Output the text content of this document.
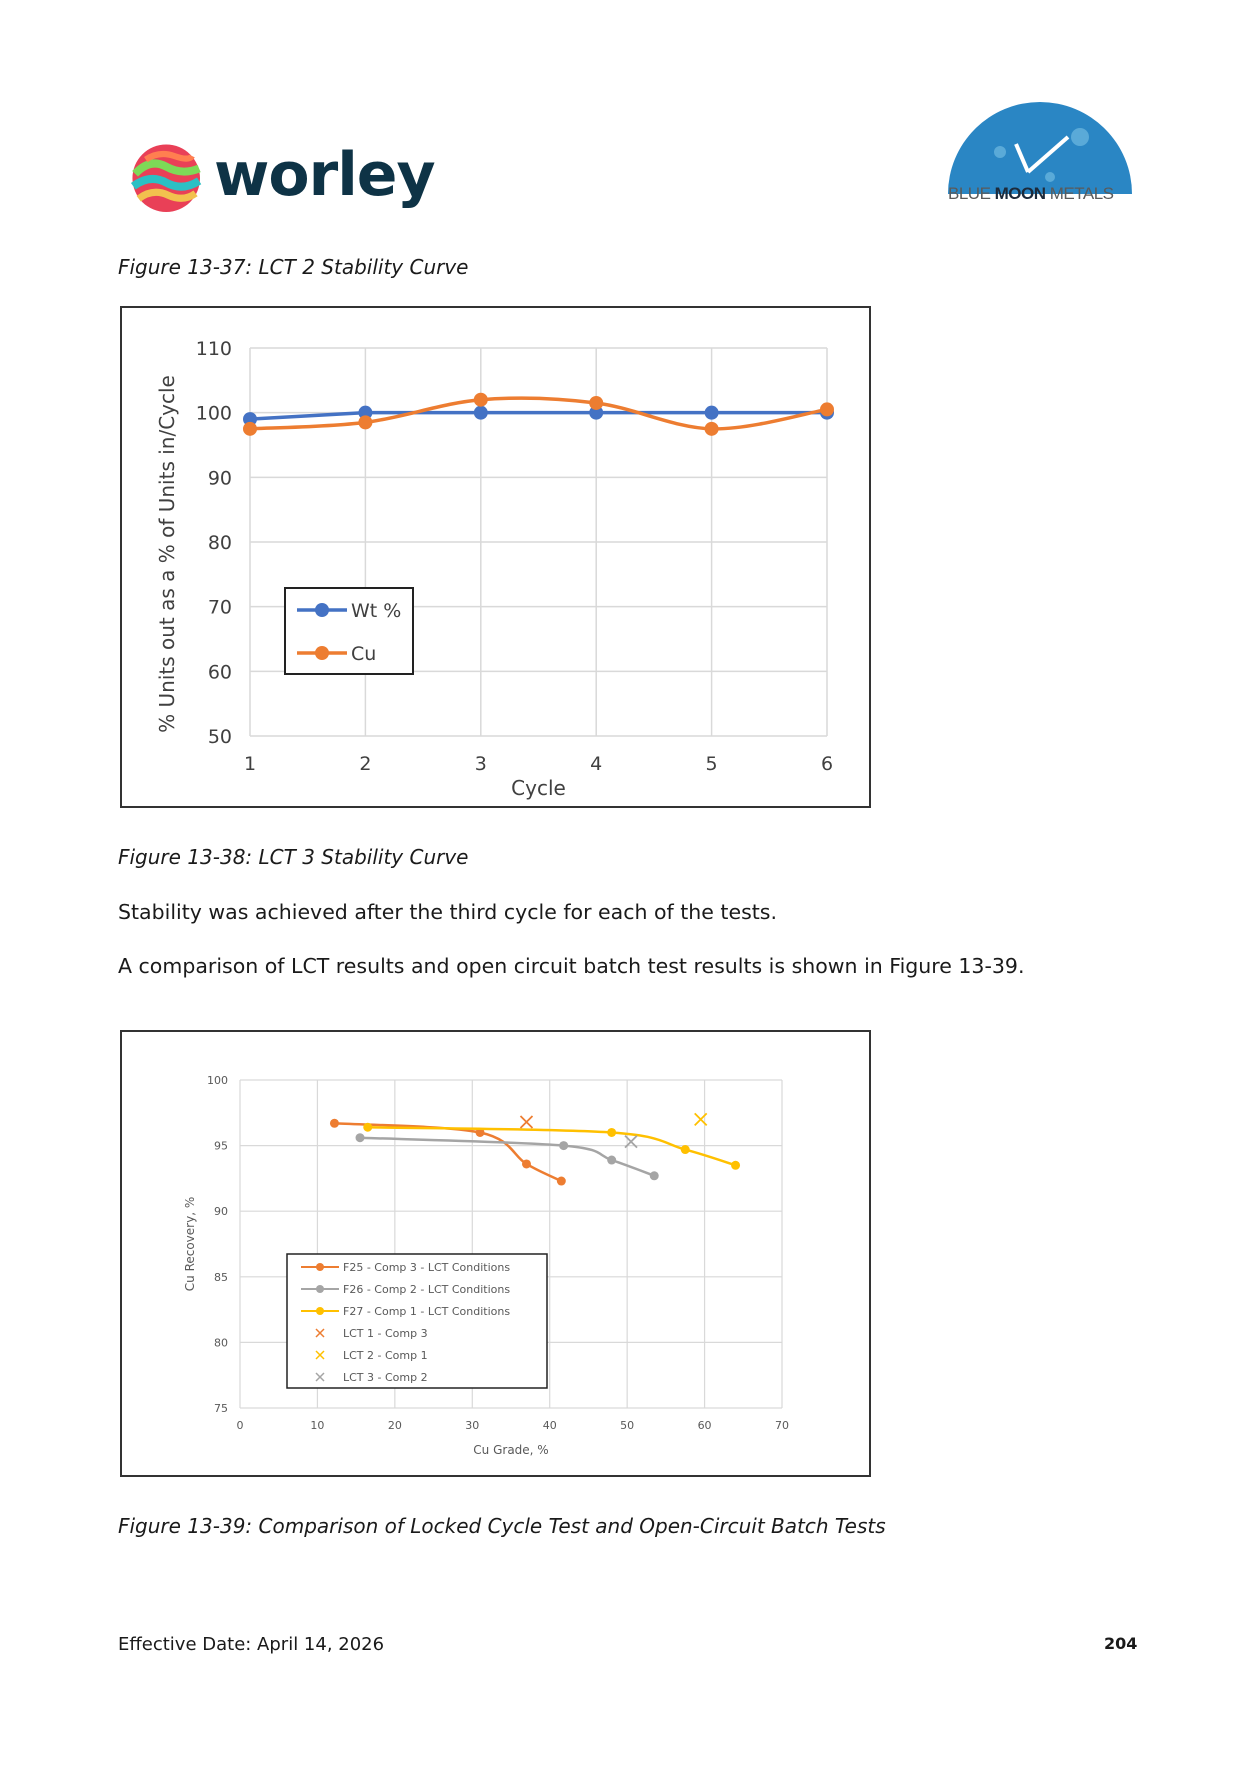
worley	BLUE MOON METALS
Figure 13-37: LCT 2 Stability Curve
50
60
70
80
90
100
110
1	2	3	4	5	6
Cycle
% Units out as a % of Units in/Cycle	Wt %
Cu
Figure 13-38: LCT 3 Stability Curve
Stability was achieved after the third cycle for each of the tests.
A comparison of LCT results and open circuit batch test results is shown in Figure 13-39.
75
80
85
90
95
100
0	10	20	30	40	50	60	70
Cu Grade, %
Cu Recovery, %	F25 - Comp 3 - LCT Conditions
F26 - Comp 2 - LCT Conditions
F27 - Comp 1 - LCT Conditions
LCT 1 - Comp 3
LCT 2 - Comp 1
LCT 3 - Comp 2
Figure 13-39: Comparison of Locked Cycle Test and Open-Circuit Batch Tests
Effective Date: April 14, 2026	204
